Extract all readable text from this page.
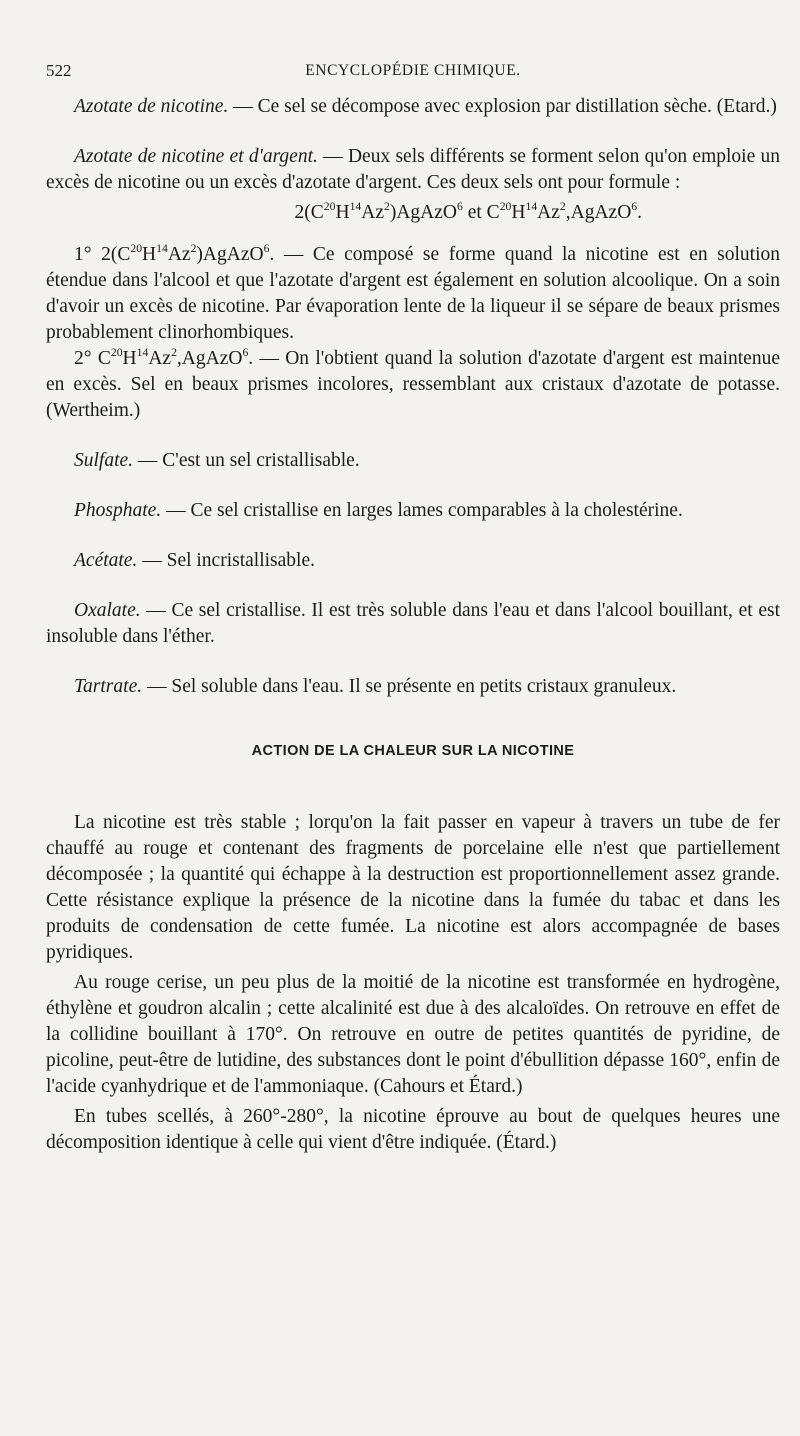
522	ENCYCLOPÉDIE CHIMIQUE.

Azotate de nicotine. — Ce sel se décompose avec explosion par distillation sèche. (Etard.)

Azotate de nicotine et d'argent. — Deux sels différents se forment selon qu'on emploie un excès de nicotine ou un excès d'azotate d'argent. Ces deux sels ont pour formule :

$2(C^{20}H^{14}Az^2)AgAzO^6$ et $C^{20}H^{14}Az^2,AgAzO^6$.

1° $2(C^{20}H^{14}Az^2)AgAzO^6$. — Ce composé se forme quand la nicotine est en solution étendue dans l'alcool et que l'azotate d'argent est également en solution alcoolique. On a soin d'avoir un excès de nicotine. Par évaporation lente de la liqueur il se sépare de beaux prismes probablement clinorhombiques.

2° $C^{20}H^{14}Az^2,AgAzO^6$. — On l'obtient quand la solution d'azotate d'argent est maintenue en excès. Sel en beaux prismes incolores, ressemblant aux cristaux d'azotate de potasse. (Wertheim.)

Sulfate. — C'est un sel cristallisable.

Phosphate. — Ce sel cristallise en larges lames comparables à la cholestérine.

Acétate. — Sel incristallisable.

Oxalate. — Ce sel cristallise. Il est très soluble dans l'eau et dans l'alcool bouillant, et est insoluble dans l'éther.

Tartrate. — Sel soluble dans l'eau. Il se présente en petits cristaux granuleux.

ACTION DE LA CHALEUR SUR LA NICOTINE

La nicotine est très stable ; lorqu'on la fait passer en vapeur à travers un tube de fer chauffé au rouge et contenant des fragments de porcelaine elle n'est que partiellement décomposée ; la quantité qui échappe à la destruction est proportionnellement assez grande. Cette résistance explique la présence de la nicotine dans la fumée du tabac et dans les produits de condensation de cette fumée. La nicotine est alors accompagnée de bases pyridiques.

Au rouge cerise, un peu plus de la moitié de la nicotine est transformée en hydrogène, éthylène et goudron alcalin ; cette alcalinité est due à des alcaloïdes. On retrouve en effet de la collidine bouillant à 170°. On retrouve en outre de petites quantités de pyridine, de picoline, peut-être de lutidine, des substances dont le point d'ébullition dépasse 160°, enfin de l'acide cyanhydrique et de l'ammoniaque. (Cahours et Étard.)

En tubes scellés, à 260°-280°, la nicotine éprouve au bout de quelques heures une décomposition identique à celle qui vient d'être indiquée. (Étard.)
